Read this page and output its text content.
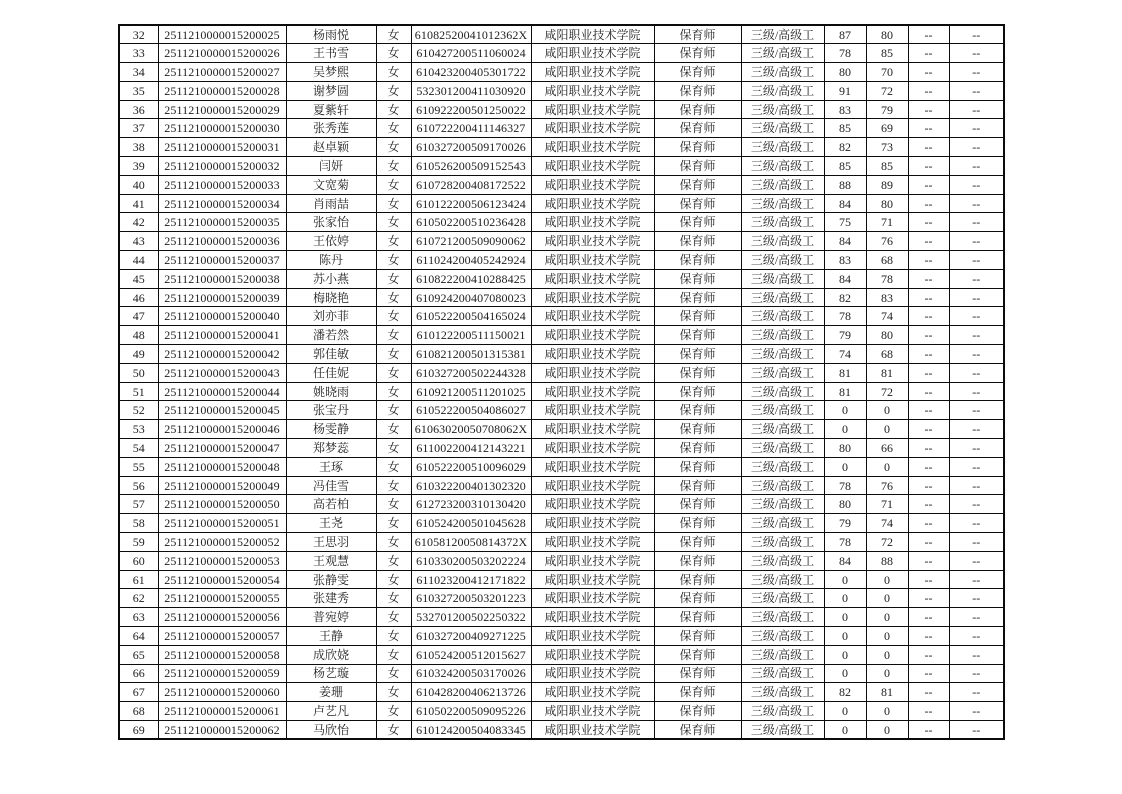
32	2511210000015200025	杨雨悦	女	61082520041012362X	咸阳职业技术学院	保育师	三级/高级工	87	80	--	--
33	2511210000015200026	王书雪	女	610427200511060024	咸阳职业技术学院	保育师	三级/高级工	78	85	--	--
34	2511210000015200027	吴梦熙	女	610423200405301722	咸阳职业技术学院	保育师	三级/高级工	80	70	--	--
35	2511210000015200028	谢梦圆	女	532301200411030920	咸阳职业技术学院	保育师	三级/高级工	91	72	--	--
36	2511210000015200029	夏紫轩	女	610922200501250022	咸阳职业技术学院	保育师	三级/高级工	83	79	--	--
37	2511210000015200030	张秀莲	女	610722200411146327	咸阳职业技术学院	保育师	三级/高级工	85	69	--	--
38	2511210000015200031	赵卓颖	女	610327200509170026	咸阳职业技术学院	保育师	三级/高级工	82	73	--	--
39	2511210000015200032	闫妍	女	610526200509152543	咸阳职业技术学院	保育师	三级/高级工	85	85	--	--
40	2511210000015200033	文宽菊	女	610728200408172522	咸阳职业技术学院	保育师	三级/高级工	88	89	--	--
41	2511210000015200034	肖雨喆	女	610122200506123424	咸阳职业技术学院	保育师	三级/高级工	84	80	--	--
42	2511210000015200035	张家怡	女	610502200510236428	咸阳职业技术学院	保育师	三级/高级工	75	71	--	--
43	2511210000015200036	王依婷	女	610721200509090062	咸阳职业技术学院	保育师	三级/高级工	84	76	--	--
44	2511210000015200037	陈丹	女	611024200405242924	咸阳职业技术学院	保育师	三级/高级工	83	68	--	--
45	2511210000015200038	苏小燕	女	610822200410288425	咸阳职业技术学院	保育师	三级/高级工	84	78	--	--
46	2511210000015200039	梅晓艳	女	610924200407080023	咸阳职业技术学院	保育师	三级/高级工	82	83	--	--
47	2511210000015200040	刘亦菲	女	610522200504165024	咸阳职业技术学院	保育师	三级/高级工	78	74	--	--
48	2511210000015200041	潘若然	女	610122200511150021	咸阳职业技术学院	保育师	三级/高级工	79	80	--	--
49	2511210000015200042	郭佳敏	女	610821200501315381	咸阳职业技术学院	保育师	三级/高级工	74	68	--	--
50	2511210000015200043	任佳妮	女	610327200502244328	咸阳职业技术学院	保育师	三级/高级工	81	81	--	--
51	2511210000015200044	姚晓雨	女	610921200511201025	咸阳职业技术学院	保育师	三级/高级工	81	72	--	--
52	2511210000015200045	张宝丹	女	610522200504086027	咸阳职业技术学院	保育师	三级/高级工	0	0	--	--
53	2511210000015200046	杨雯静	女	61063020050708062X	咸阳职业技术学院	保育师	三级/高级工	0	0	--	--
54	2511210000015200047	郑梦蕊	女	611002200412143221	咸阳职业技术学院	保育师	三级/高级工	80	66	--	--
55	2511210000015200048	王琢	女	610522200510096029	咸阳职业技术学院	保育师	三级/高级工	0	0	--	--
56	2511210000015200049	冯佳雪	女	610322200401302320	咸阳职业技术学院	保育师	三级/高级工	78	76	--	--
57	2511210000015200050	高若柏	女	612723200310130420	咸阳职业技术学院	保育师	三级/高级工	80	71	--	--
58	2511210000015200051	王尧	女	610524200501045628	咸阳职业技术学院	保育师	三级/高级工	79	74	--	--
59	2511210000015200052	王思羽	女	61058120050814372X	咸阳职业技术学院	保育师	三级/高级工	78	72	--	--
60	2511210000015200053	王观慧	女	610330200503202224	咸阳职业技术学院	保育师	三级/高级工	84	88	--	--
61	2511210000015200054	张静雯	女	611023200412171822	咸阳职业技术学院	保育师	三级/高级工	0	0	--	--
62	2511210000015200055	张建秀	女	610327200503201223	咸阳职业技术学院	保育师	三级/高级工	0	0	--	--
63	2511210000015200056	普宛婷	女	532701200502250322	咸阳职业技术学院	保育师	三级/高级工	0	0	--	--
64	2511210000015200057	王静	女	610327200409271225	咸阳职业技术学院	保育师	三级/高级工	0	0	--	--
65	2511210000015200058	成欣娆	女	610524200512015627	咸阳职业技术学院	保育师	三级/高级工	0	0	--	--
66	2511210000015200059	杨艺璇	女	610324200503170026	咸阳职业技术学院	保育师	三级/高级工	0	0	--	--
67	2511210000015200060	姜珊	女	610428200406213726	咸阳职业技术学院	保育师	三级/高级工	82	81	--	--
68	2511210000015200061	卢艺凡	女	610502200509095226	咸阳职业技术学院	保育师	三级/高级工	0	0	--	--
69	2511210000015200062	马欣怡	女	610124200504083345	咸阳职业技术学院	保育师	三级/高级工	0	0	--	--
